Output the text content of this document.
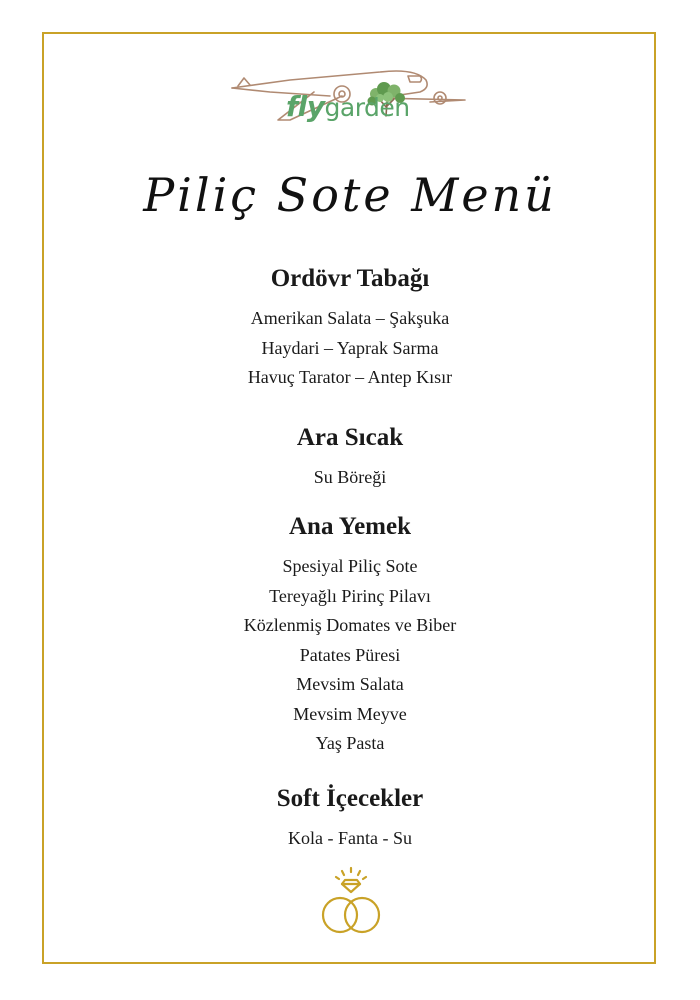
flygarden
Piliç Sote Menü
Ordövr Tabağı
Amerikan Salata – Şakşuka
Haydari – Yaprak Sarma
Havuç Tarator – Antep Kısır
Ara Sıcak
Su Böreği
Ana Yemek
Spesiyal Piliç Sote
Tereyağlı Pirinç Pilavı
Közlenmiş Domates ve Biber
Patates Püresi
Mevsim Salata
Mevsim Meyve
Yaş Pasta
Soft İçecekler
Kola - Fanta - Su
